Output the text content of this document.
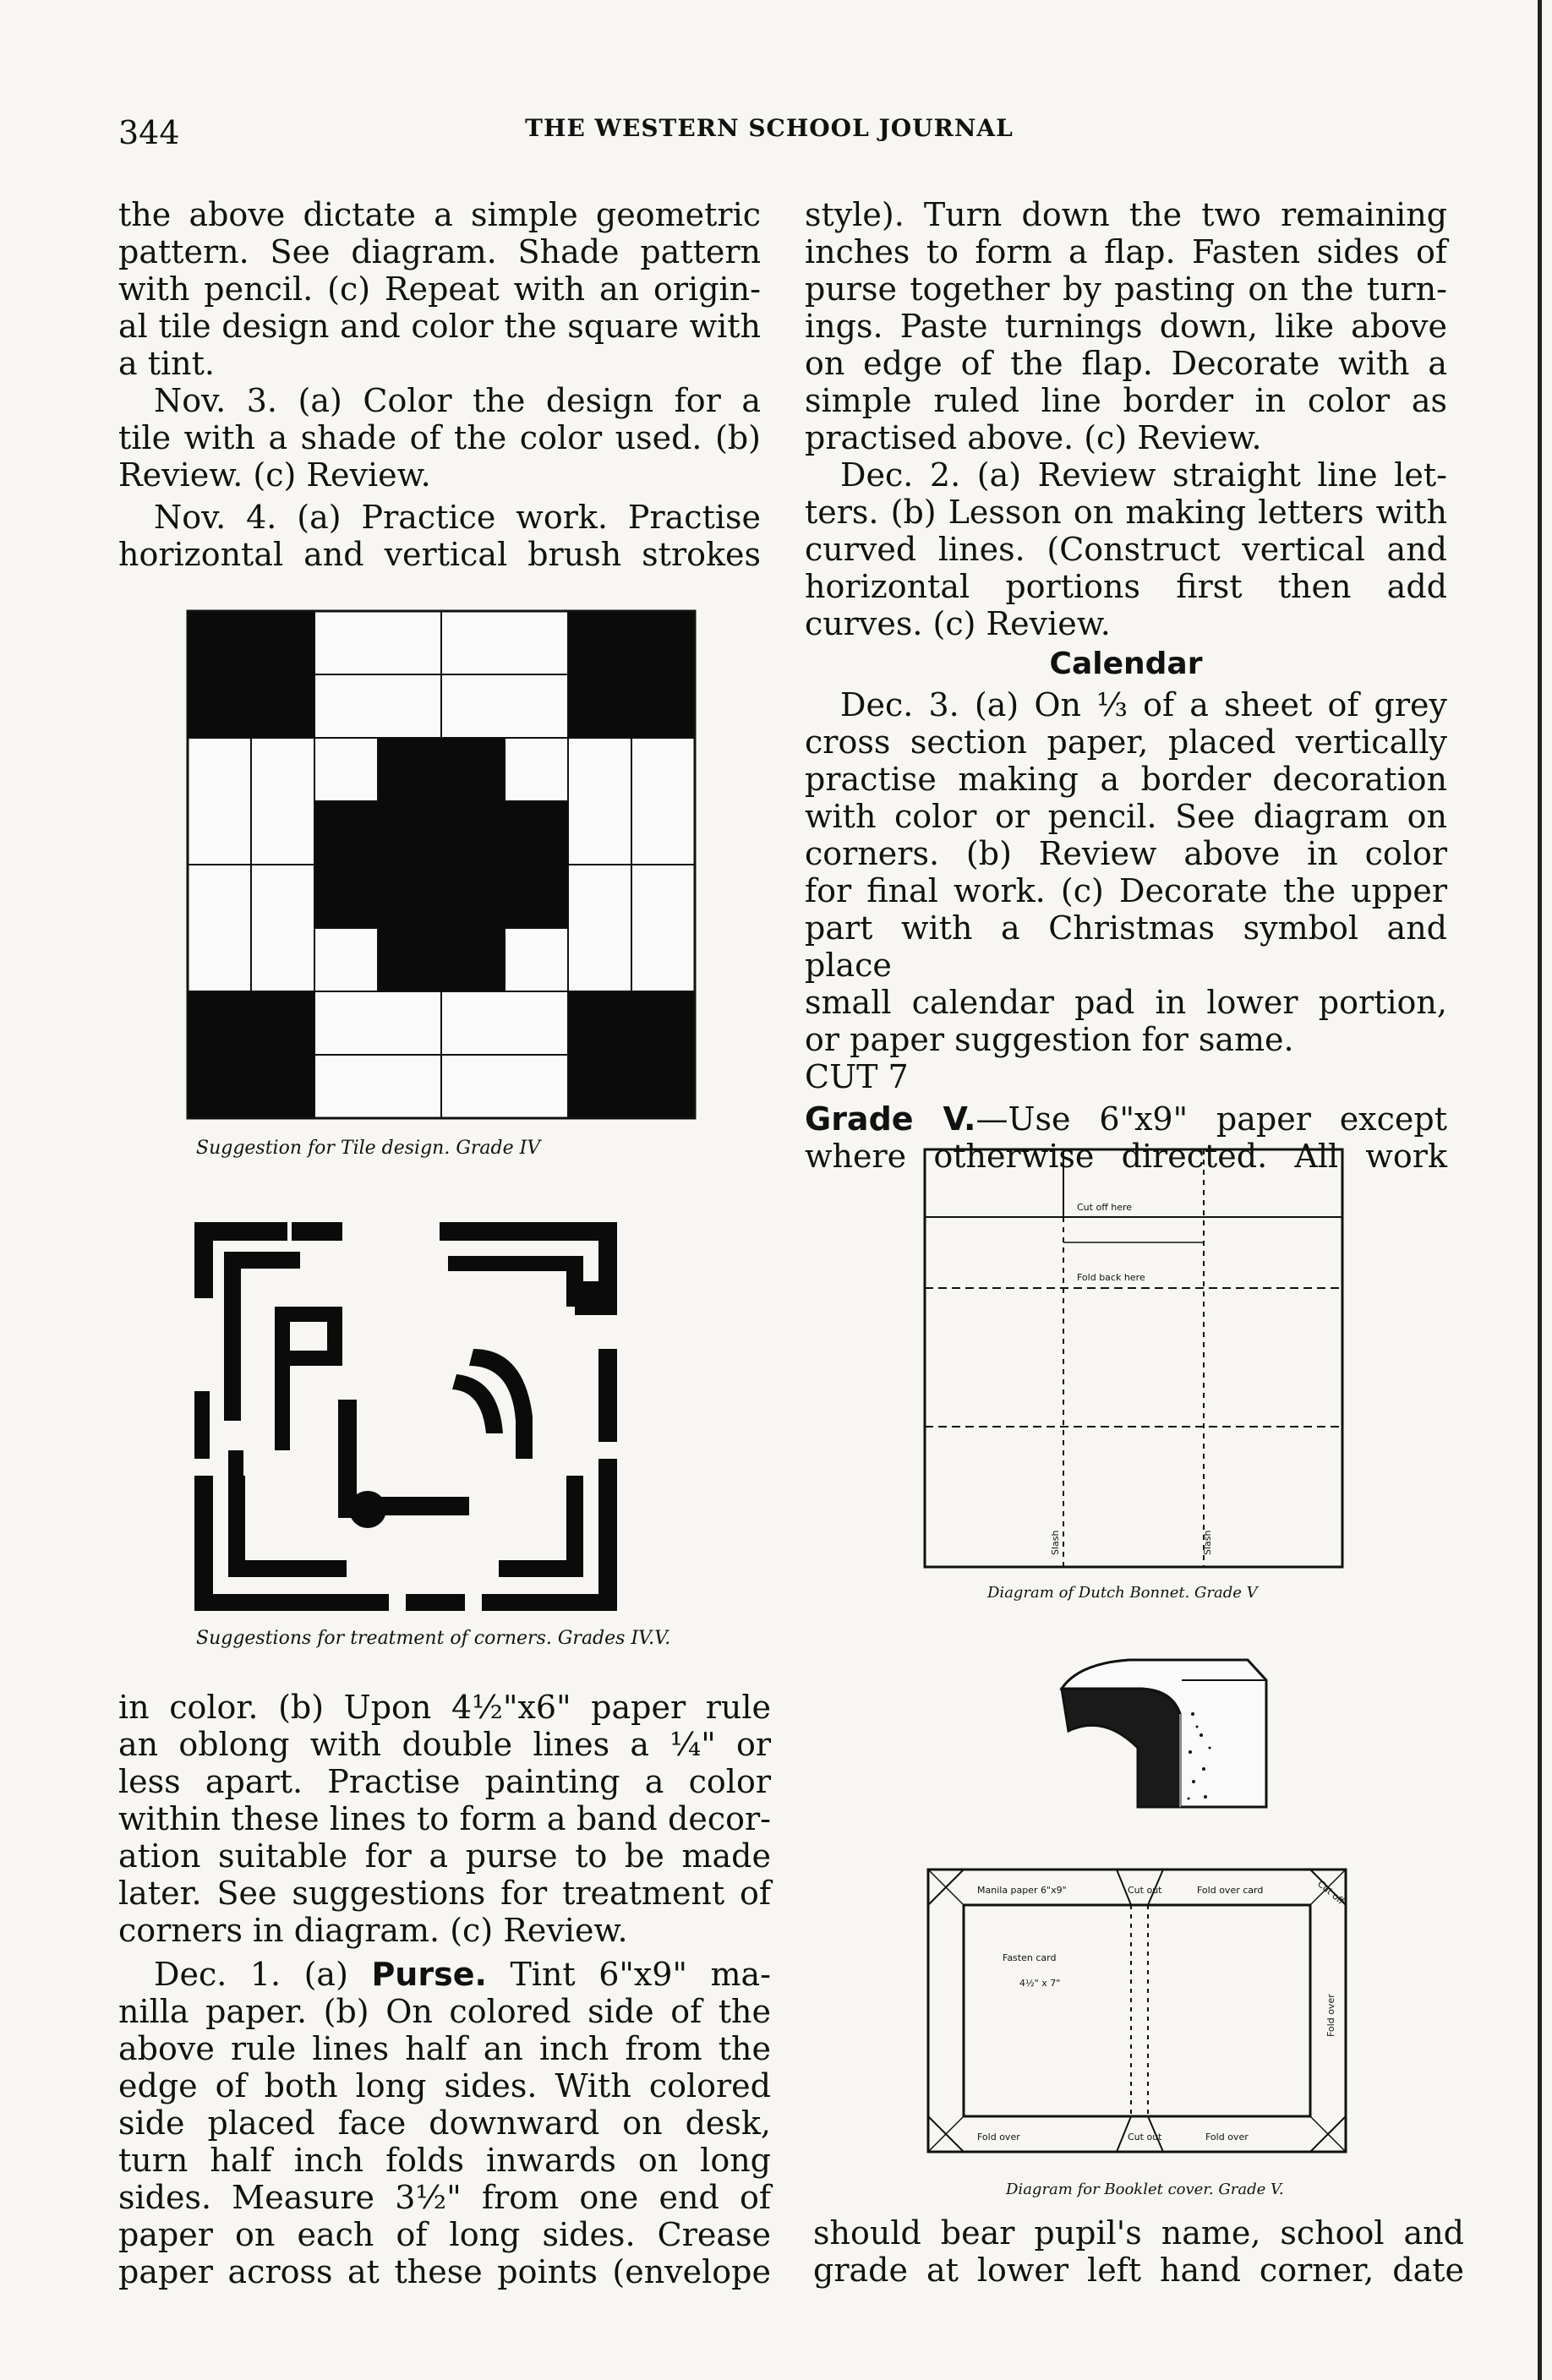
344	THE WESTERN SCHOOL JOURNAL

the above dictate a simple geometric

pattern. See diagram. Shade pattern

with pencil. (c) Repeat with an origin-

al tile design and color the square with

a tint.

Nov. 3. (a) Color the design for a

tile with a shade of the color used. (b)

Review. (c) Review.

Nov. 4. (a) Practice work. Practise

horizontal and vertical brush strokes

Suggestion for Tile design. Grade IV
Suggestions for treatment of corners. Grades IV.V.

in color. (b) Upon 4½"x6" paper rule

an oblong with double lines a ¼" or

less apart. Practise painting a color

within these lines to form a band decor-

ation suitable for a purse to be made

later. See suggestions for treatment of

corners in diagram. (c) Review.

Dec. 1. (a) Purse. Tint 6"x9" ma-

nilla paper. (b) On colored side of the

above rule lines half an inch from the

edge of both long sides. With colored

side placed face downward on desk,

turn half inch folds inwards on long

sides. Measure 3½" from one end of

paper on each of long sides. Crease

paper across at these points (envelope

style). Turn down the two remaining

inches to form a flap. Fasten sides of

purse together by pasting on the turn-

ings. Paste turnings down, like above

on edge of the flap. Decorate with a

simple ruled line border in color as

practised above. (c) Review.

Dec. 2. (a) Review straight line let-

ters. (b) Lesson on making letters with

curved lines. (Construct vertical and

horizontal portions first then add

curves. (c) Review.

Calendar

Dec. 3. (a) On ⅓ of a sheet of grey

cross section paper, placed vertically

practise making a border decoration

with color or pencil. See diagram on

corners. (b) Review above in color

for final work. (c) Decorate the upper

part with a Christmas symbol and place

small calendar pad in lower portion,

or paper suggestion for same.

CUT 7

Grade V.—Use 6"x9" paper except

where otherwise directed. All work

Cut off here
Fold back here
Slash	Slash
Diagram of Dutch Bonnet. Grade V
Manila paper 6"x9"	Cut out	Fold over card	Cut off
Fasten card
4½" x 7"
Fold over
Fold over	Cut out	Fold over
Diagram for Booklet cover. Grade V.

should bear pupil's name, school and

grade at lower left hand corner, date
